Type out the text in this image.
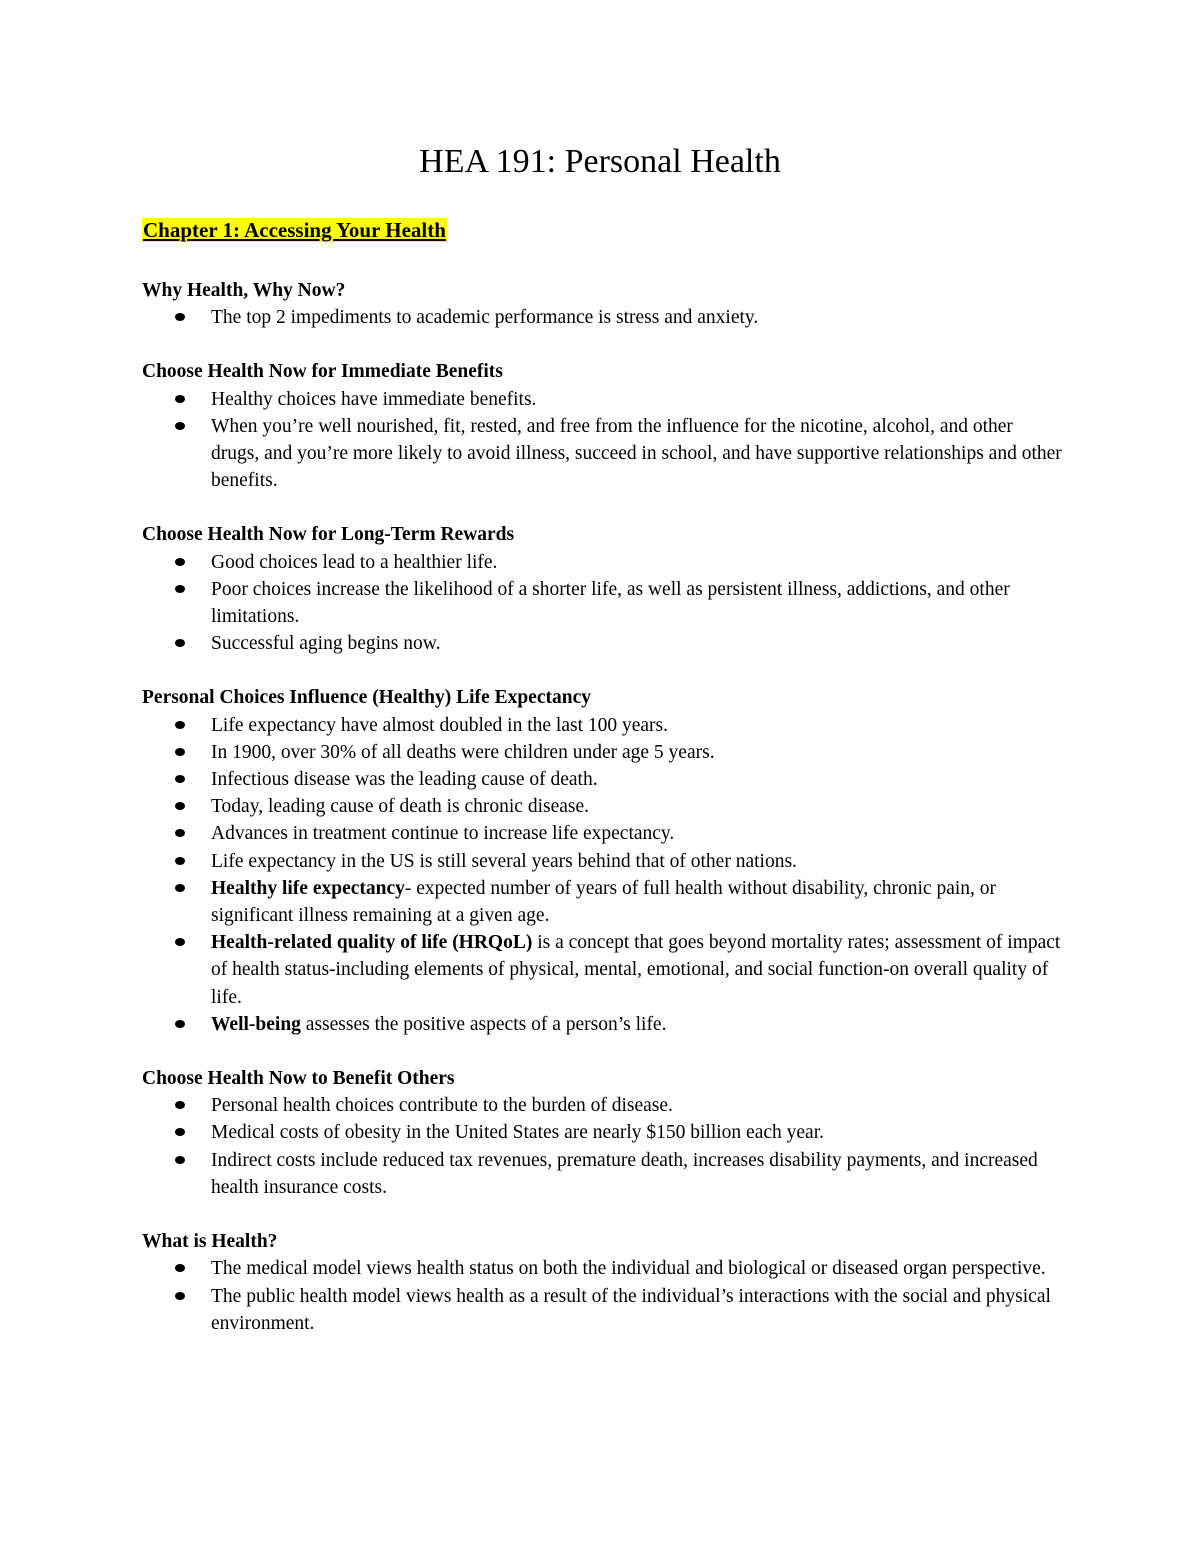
HEA 191: Personal Health
Chapter 1: Accessing Your Health

Why Health, Why Now?

The top 2 impediments to academic performance is stress and anxiety.

Choose Health Now for Immediate Benefits

Healthy choices have immediate benefits.
When you’re well nourished, fit, rested, and free from the influence for the nicotine, alcohol, and other drugs, and you’re more likely to avoid illness, succeed in school, and have supportive relationships and other benefits.

Choose Health Now for Long-Term Rewards

Good choices lead to a healthier life.
Poor choices increase the likelihood of a shorter life, as well as persistent illness, addictions, and other limitations.
Successful aging begins now.

Personal Choices Influence (Healthy) Life Expectancy

Life expectancy have almost doubled in the last 100 years.
In 1900, over 30% of all deaths were children under age 5 years.
Infectious disease was the leading cause of death.
Today, leading cause of death is chronic disease.
Advances in treatment continue to increase life expectancy.
Life expectancy in the US is still several years behind that of other nations.
Healthy life expectancy- expected number of years of full health without disability, chronic pain, or significant illness remaining at a given age.
Health-related quality of life (HRQoL) is a concept that goes beyond mortality rates; assessment of impact of health status-including elements of physical, mental, emotional, and social function-on overall quality of life.
Well-being assesses the positive aspects of a person’s life.

Choose Health Now to Benefit Others

Personal health choices contribute to the burden of disease.
Medical costs of obesity in the United States are nearly $150 billion each year.
Indirect costs include reduced tax revenues, premature death, increases disability payments, and increased health insurance costs.

What is Health?

The medical model views health status on both the individual and biological or diseased organ perspective.
The public health model views health as a result of the individual’s interactions with the social and physical environment.
